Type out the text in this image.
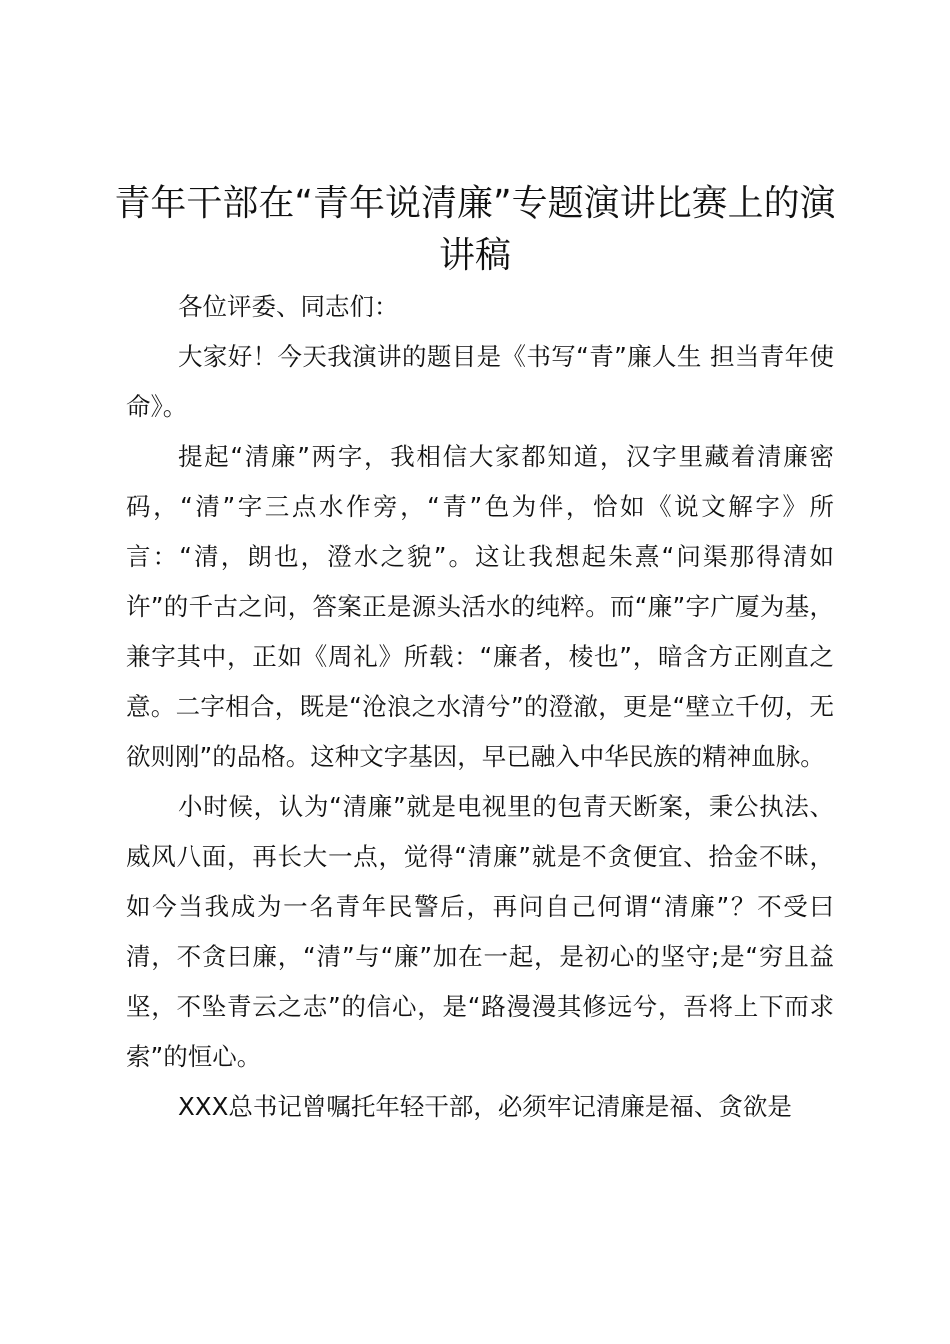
青年干部在“青年说清廉”专题演讲比赛上的演讲稿

各位评委、同志们：

大家好！今天我演讲的题目是《书写“青”廉人生 担当青年使命》。

提起“清廉”两字，我相信大家都知道，汉字里藏着清廉密码，“清”字三点水作旁，“青”色为伴，恰如《说文解字》所言：“清，朗也，澄水之貌”。这让我想起朱熹“问渠那得清如许”的千古之问，答案正是源头活水的纯粹。而“廉”字广厦为基，兼字其中，正如《周礼》所载：“廉者，棱也”，暗含方正刚直之意。二字相合，既是“沧浪之水清兮”的澄澈，更是“壁立千仞，无欲则刚”的品格。这种文字基因，早已融入中华民族的精神血脉。

小时候，认为“清廉”就是电视里的包青天断案，秉公执法、威风八面，再长大一点，觉得“清廉”就是不贪便宜、拾金不昧，如今当我成为一名青年民警后，再问自己何谓“清廉”？不受曰清，不贪曰廉，“清”与“廉”加在一起，是初心的坚守;是“穷且益坚，不坠青云之志”的信心，是“路漫漫其修远兮，吾将上下而求索”的恒心。

XXX总书记曾嘱托年轻干部，必须牢记清廉是福、贪欲是
